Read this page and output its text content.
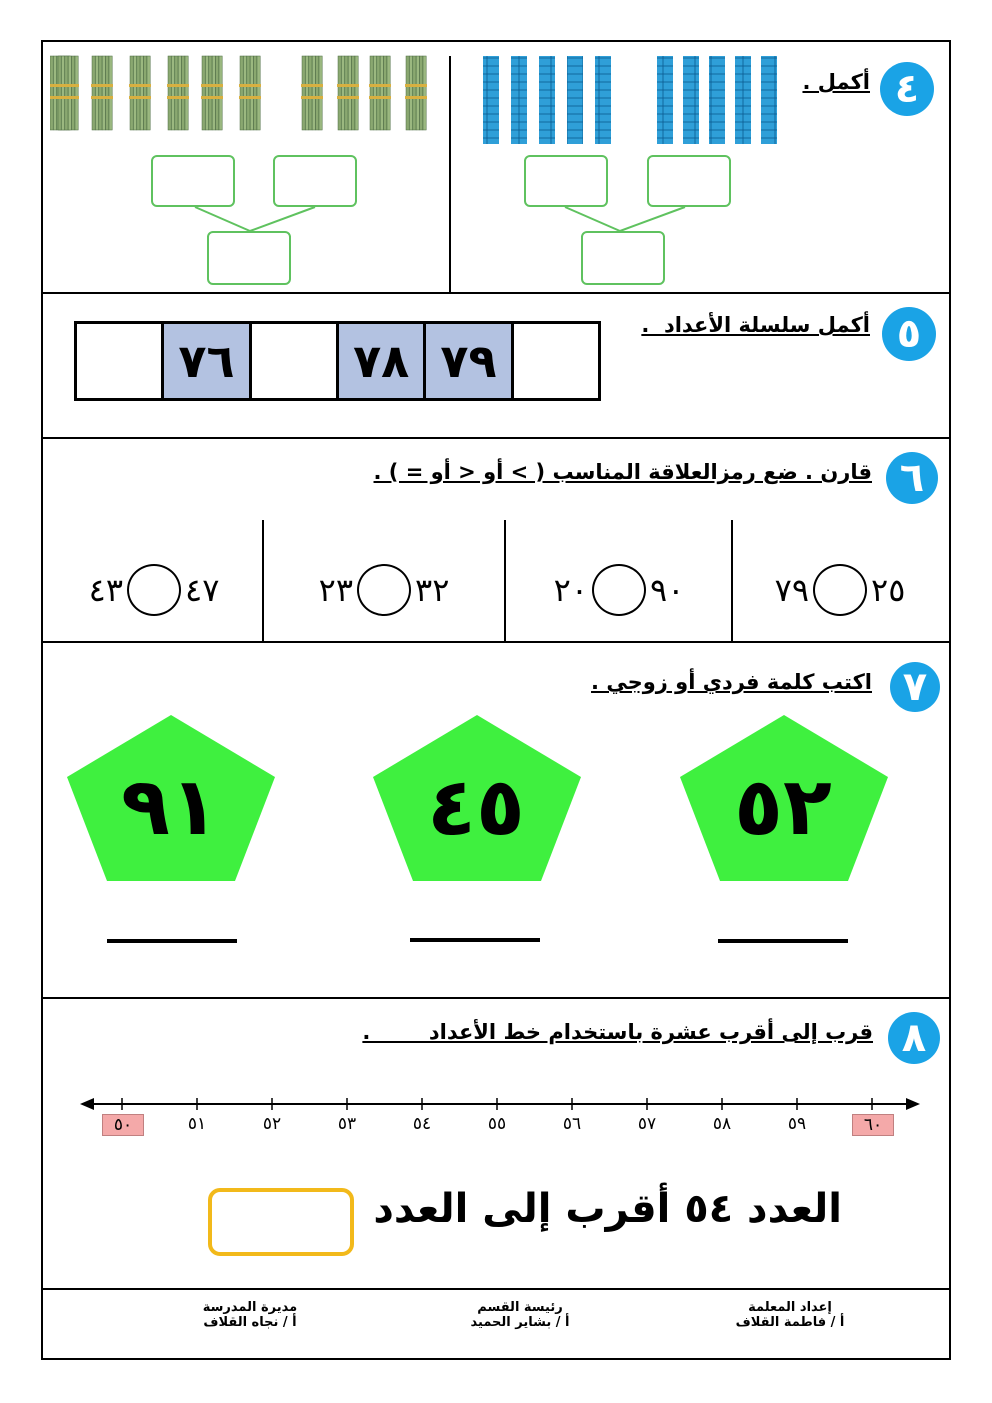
٤
أكمل .
٥
أكمل سلسلة الأعداد  .
٧٦	٧٨ ٧٩
٦
قارن . ضع رمزالعلاقة المناسب ( > أو < أو = ) .
٧٩ ٢٥
٢٠ ٩٠
٢٣ ٣٢
٤٣ ٤٧
٧
اكتب كلمة فردي أو زوجي .
٥٢
٤٥
٩١
٨
قرب إلى أقرب عشرة باستخدام خط الأعداد        .
٥٠	٥١	٥٢	٥٣	٥٤	٥٥	٥٦	٥٧	٥٨	٥٩	٦٠
العدد ٥٤ أقرب إلى العدد
إعداد المعلمة
أ / فاطمة القلاف
رئيسة القسم
أ / بشاير الحميد
مديرة المدرسة
أ / نجاه القلاف
